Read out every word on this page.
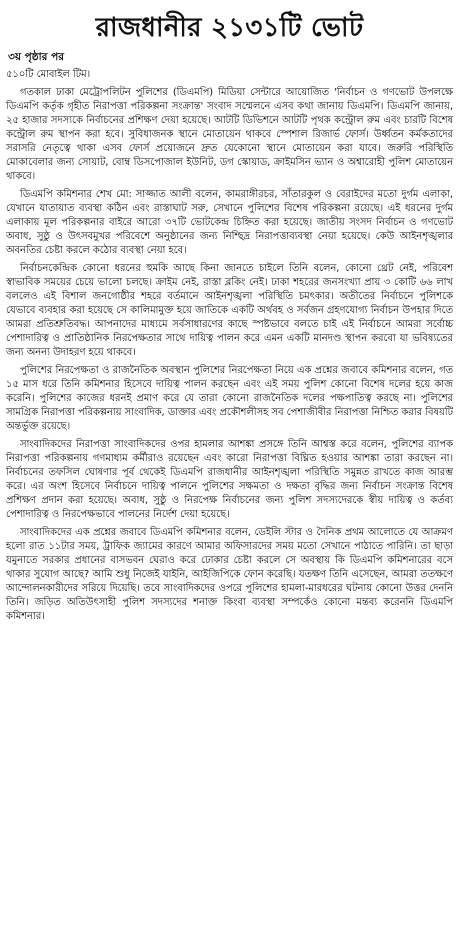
রাজধানীর ২১৩১টি ভোট
৩য় পৃষ্ঠার পর

৫১০টি মোবাইল টিম।

গতকাল ঢাকা মেট্রোপলিটন পুলিশের (ডিএমপি) মিডিয়া সেন্টারে আয়োজিত 'নির্বাচন ও গণভোট উপলক্ষে ডিএমপি কর্তৃক গৃহীত নিরাপত্তা পরিকল্পনা সংক্রান্ত' সংবাদ সম্মেলনে এসব কথা জানায় ডিএমপি। ডিএমপি জানায়, ২৫ হাজার সদস্যকে নির্বাচনের প্রশিক্ষণ দেয়া হয়েছে। আটটি ডিভিশনে আটটি পৃথক কন্ট্রোল রুম এবং চারটি বিশেষ কন্ট্রোল রুম স্থাপন করা হবে। সুবিধাজনক স্থানে মোতায়েন থাকবে স্পেশাল রিজার্ভ ফোর্স। উর্ধ্বতন কর্মকতাদের সরাসরি নেতৃত্বে থাকা এসব ফোর্স প্রয়োজনে দ্রুত যেকোনো স্থানে মোতায়েন করা যাবে। জরুরি পরিস্থিতি মোকাবেলার জন্য সোয়াট, বোম্ব ডিসপোজাল ইউনিট, ডগ স্কোয়াড, ক্রাইমসিন ভ্যান ও অশ্বারোহী পুলিশ মোতায়েন থাকবে।

ডিএমপি কমিশনার শেখ মো: সাজ্জাত আলী বলেন, কামরাঙ্গীরচর, সাঁতারকুল ও বেরাইদের মতো দুর্গম এলাকা, যেখানে যাতায়াত ব্যবস্থা কঠিন এবং রাস্তাঘাট সরু, সেখানে পুলিশের বিশেষ পরিকল্পনা রয়েছে। এই ধরনের দুর্গম এলাকায় মূল পরিকল্পনার বাইরে আরো ৩৭টি ভোটকেন্দ্র চিহ্নিত করা হয়েছে। জাতীয় সংসদ নির্বাচন ও গণভোট অবাধ, সুষ্ঠু ও উৎসবমুখর পরিবেশে অনুষ্ঠানের জন্য নিশ্ছিদ্র নিরাপত্তাব্যবস্থা নেয়া হয়েছে। কেউ আইনশৃঙ্খলার অবনতির চেষ্টা করলে কঠোর ব্যবস্থা নেয়া হবে।

নির্বাচনকেন্দ্রিক কোনো ধরনের হুমকি আছে কিনা জানতে চাইলে তিনি বলেন, কোনো থ্রেট নেই, পরিবেশ স্বাভাবিক সময়ের চেয়ে ভালো চলছে। ক্রাইম নেই, রাস্তা ব্লকিং নেই। ঢাকা শহরের জনসংখ্যা প্রায় ৩ কোটি ৬৬ লাখ বললেও এই বিশাল জনগোষ্ঠীর শহরে বর্তমানে আইনশৃঙ্খলা পরিস্থিতি চমৎকার। অতীতের নির্বাচনে পুলিশকে যেভাবে ব্যবহার করা হয়েছে সে কালিমামুক্ত হয়ে জাতিকে একটি অর্থবহ ও সর্বজন গ্রহণযোগ্য নির্বাচন উপহার দিতে আমরা প্রতিশ্রুতিবদ্ধ। আপনাদের মাধ্যমে সর্বসাধারণের কাছে স্পষ্টভাবে বলতে চাই এই নির্বাচনে আমরা সর্বোচ্চ পেশাদারিত্ব ও প্রাতিষ্ঠানিক নিরপেক্ষতার সাথে দায়িত্ব পালন করে এমন একটি মানদণ্ড স্থাপন করবো যা ভবিষ্যতের জন্য অনন্য উদাহরণ হয়ে থাকবে।

পুলিশের নিরপেক্ষতা ও রাজনৈতিক অবস্থান পুলিশের নিরপেক্ষতা নিয়ে এক প্রশ্নের জবাবে কমিশনার বলেন, গত ১৫ মাস ধরে তিনি কমিশনার হিসেবে দায়িত্ব পালন করছেন এবং এই সময় পুলিশ কোনো বিশেষ দলের হয়ে কাজ করেনি। পুলিশের কাজের ধরনই প্রমাণ করে যে তারা কোনো রাজনৈতিক দলের পক্ষপাতিত্ব করছে না। পুলিশের সামগ্রিক নিরাপত্তা পরিকল্পনায় সাংবাদিক, ডাক্তার এবং প্রকৌশলীসহ সব পেশাজীবীর নিরাপত্তা নিশ্চিত করার বিষয়টি অন্তর্ভুক্ত রয়েছে।

সাংবাদিকদের নিরাপত্তা সাংবাদিকদের ওপর হামলার আশঙ্কা প্রসঙ্গে তিনি আশ্বস্ত করে বলেন, পুলিশের ব্যাপক নিরাপত্তা পরিকল্পনায় গণমাধ্যম কর্মীরাও রয়েছেন এবং কারো নিরাপত্তা বিঘ্নিত হওয়ার আশঙ্কা তারা করছেন না। নির্বাচনের তফসিল ঘোষণার পূর্ব থেকেই ডিএমপি রাজধানীর আইনশৃঙ্খলা পরিস্থিতি সমুন্নত রাখতে কাজ আরম্ভ করে। এর অংশ হিসেবে নির্বাচনে দায়িত্ব পালনে পুলিশের সক্ষমতা ও দক্ষতা বৃদ্ধির জন্য নির্বাচন সংক্রান্ত বিশেষ প্রশিক্ষণ প্রদান করা হয়েছে। অবাধ, সুষ্ঠু ও নিরপেক্ষ নির্বাচনের জন্য পুলিশ সদস্যদেরকে স্বীয় দায়িত্ব ও কর্তব্য পেশাদারিত্ব ও নিরপেক্ষভাবে পালনের নির্দেশ দেয়া হয়েছে।

সাংবাদিকদের এক প্রশ্নের জবাবে ডিএমপি কমিশনার বলেন, ডেইলি স্টার ও দৈনিক প্রথম আলোতে যে আক্রমণ হলো রাত ১১টার সময়, ট্রাফিক জ্যামের কারণে আমার অফিসারদের সময় মতো সেখানে পাঠাতে পারিনি। তা ছাড়া যমুনাতে সরকার প্রধানের বাসভবন ঘেরাও করে ঢোকার চেষ্টা করলে সে অবস্থায় কি ডিএমপি কমিশনারের বসে থাকার সুযোগ আছে? আমি শুধু নিজেই যাইনি, আইজিপিকে ফোন করেছি। যতক্ষণ তিনি এসেছেন, আমরা ততক্ষণে আন্দোলনকারীদের সরিয়ে দিয়েছি। তবে সাংবাদিকদের ওপরে পুলিশের হামলা-মারধরের ঘটনায় কোনো উত্তর দেননি তিনি। জড়িত অতিউৎসাহী পুলিশ সদস্যদের শনাক্ত কিংবা ব্যবস্থা সম্পর্কেও কোনো মন্তব্য করেননি ডিএমপি কমিশনার।
